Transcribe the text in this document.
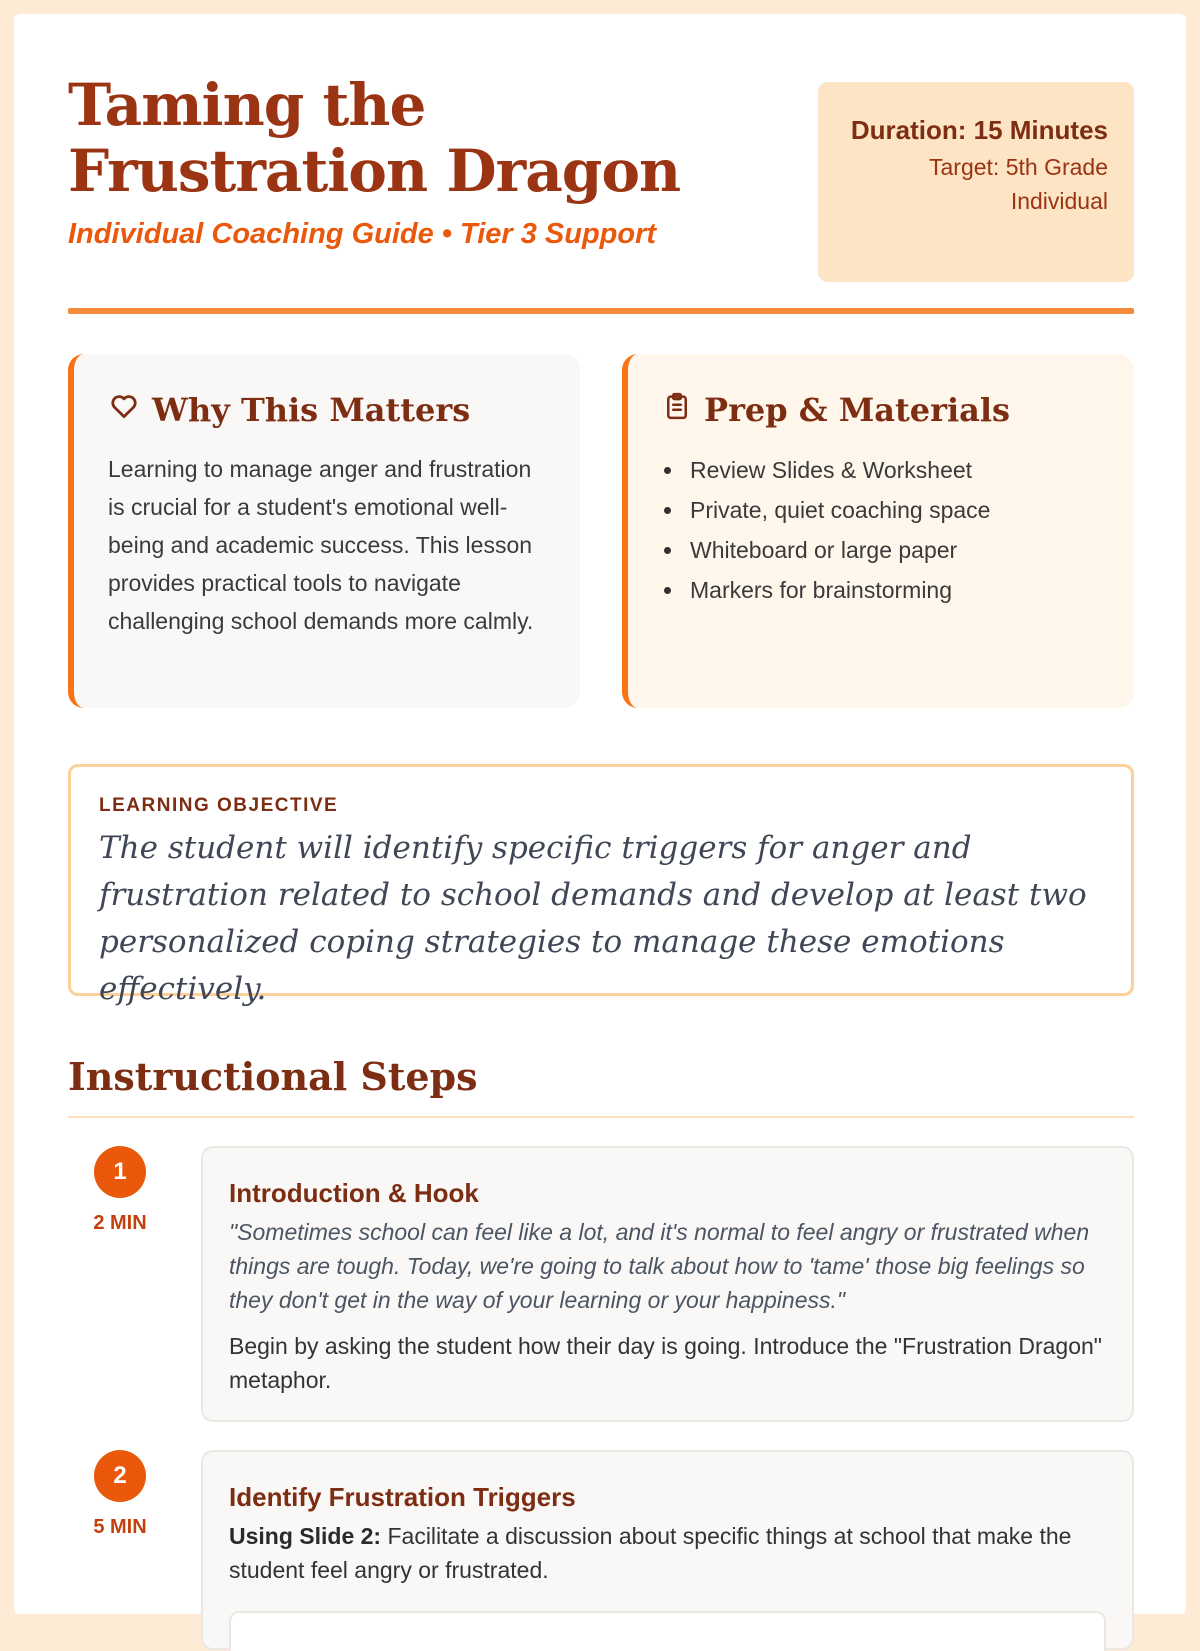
Taming the Frustration Dragon
Individual Coaching Guide • Tier 3 Support
Duration: 15 Minutes
Target: 5th Grade Individual
Why This Matters

Learning to manage anger and frustration is crucial for a student's emotional well-being and academic success. This lesson provides practical tools to navigate challenging school demands more calmly.

Prep & Materials
Review Slides & Worksheet
Private, quiet coaching space
Whiteboard or large paper
Markers for brainstorming
LEARNING OBJECTIVE

The student will identify specific triggers for anger and frustration related to school demands and develop at least two personalized coping strategies to manage these emotions effectively.

Instructional Steps
1
2 MIN
Introduction & Hook

"Sometimes school can feel like a lot, and it's normal to feel angry or frustrated when things are tough. Today, we're going to talk about how to 'tame' those big feelings so they don't get in the way of your learning or your happiness."

Begin by asking the student how their day is going. Introduce the "Frustration Dragon" metaphor.

2
5 MIN
Identify Frustration Triggers

Using Slide 2: Facilitate a discussion about specific things at school that make the student feel angry or frustrated.
